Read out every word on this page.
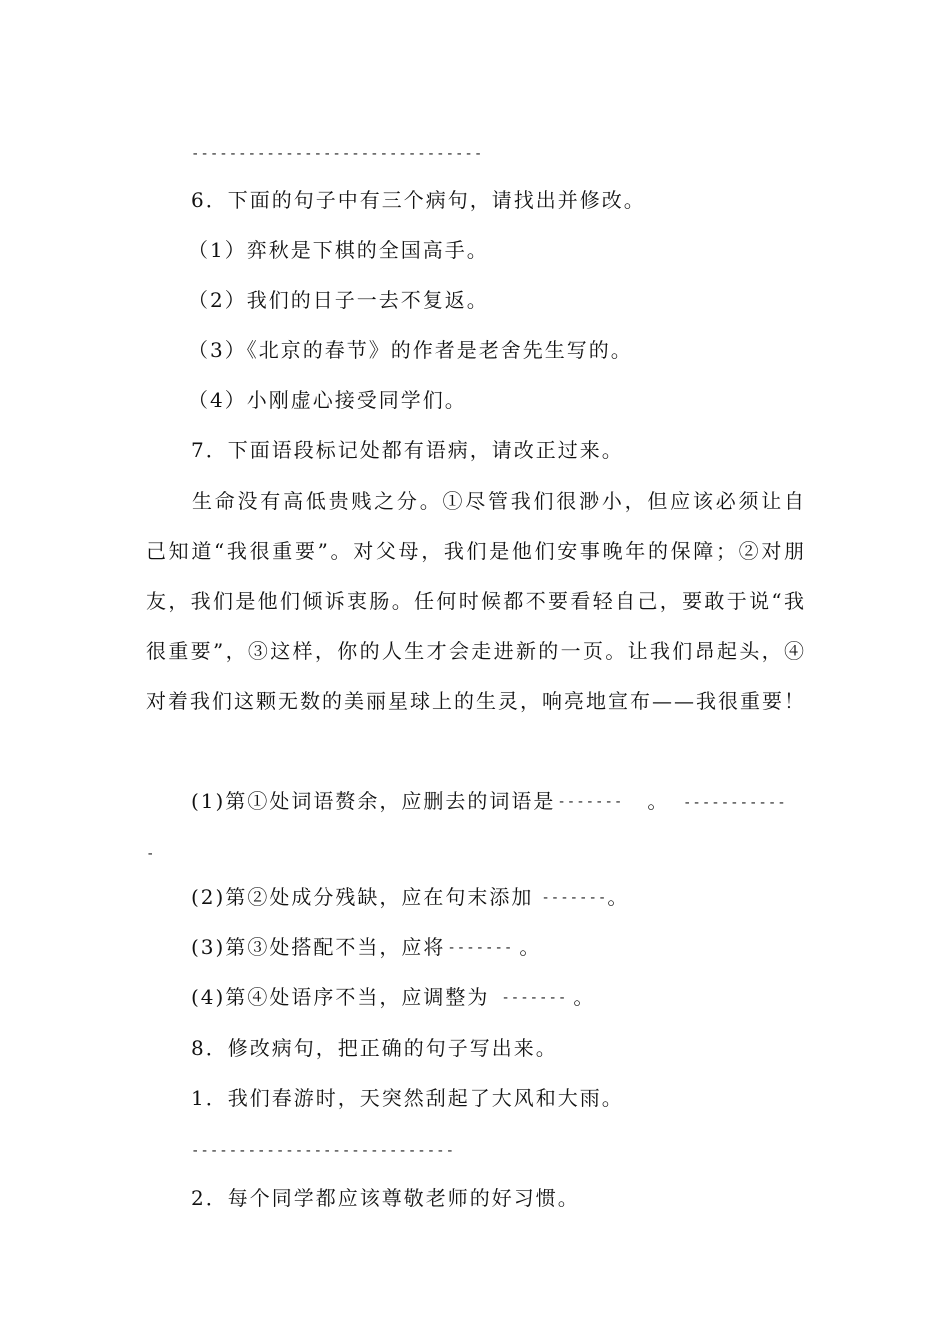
-------------------------------
6．下面的句子中有三个病句，请找出并修改。
（1）弈秋是下棋的全国高手。
（2）我们的日子一去不复返。
（3）《北京的春节》的作者是老舍先生写的。
（4）小刚虚心接受同学们。
7．下面语段标记处都有语病，请改正过来。

生命没有高低贵贱之分。①尽管我们很渺小，但应该必须让自己知道“我很重要”。对父母，我们是他们安事晚年的保障；②对朋友，我们是他们倾诉衷肠。任何时候都不要看轻自己，要敢于说“我很重要”，③这样，你的人生才会走进新的一页。让我们昂起头，④对着我们这颗无数的美丽星球上的生灵，响亮地宣布——我很重要！

(1)第①处词语赘余，应删去的词语是 ------- 。 -----------
-
(2)第②处成分残缺，应在句末添加 -------。
(3)第③处搭配不当，应将 ------- 。
(4)第④处语序不当，应调整为 ------- 。
8．修改病句，把正确的句子写出来。
1．我们春游时，天突然刮起了大风和大雨。
----------------------------
2．每个同学都应该尊敬老师的好习惯。
